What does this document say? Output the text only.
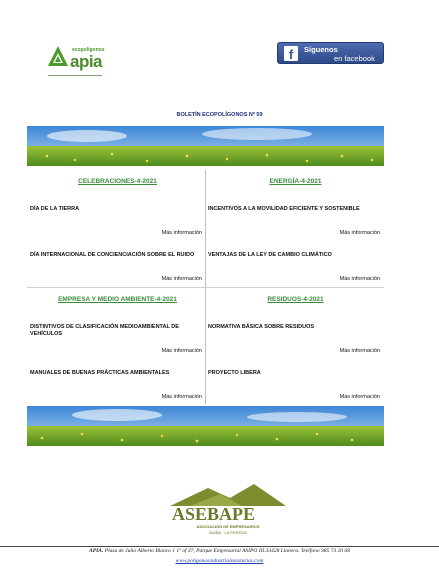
ecopolígonos
apia
▬▬▬▬▬▬▬▬▬▬▬▬▬▬▬▬▬▬
f	Síguenos
en facebook
BOLETÍN ECOPOLÍGONOS Nº 59
CELEBRACIONES-4-2021
DÍA DE LA TIERRA
Más información
DÍA INTERNACIONAL DE CONCIENCIACIÓN SOBRE EL RUIDO
Más información
ENERGÍA-4-2021
INCENTIVOS A LA MOVILIDAD EFICIENTE Y SOSTENIBLE
Más información
VENTAJAS DE LA LEY DE CAMBIO CLIMÁTICO
Más información
EMPRESA Y MEDIO AMBIENTE-4-2021
DISTINTIVOS DE CLASIFICACIÓN MEDIOAMBIENTAL DE VEHÍCULOS
Más información
MANUALES DE BUENAS PRÁCTICAS AMBIENTALES
Más información
RESIDUOS-4-2021
NORMATIVA BÁSICA SOBRE RESIDUOS
Más información
PROYECTO LIBERA
Más información
ASEBAPE
ASOCIACIÓN DE EMPRESARIOS
BAIÑA · LA PEREDA
APIA. Plaza de Julio Alberto Blanco 1 1º of 37, Parque Empresarial ASIPO III.33428 Llanera. Teléfono 985 73 20 68
www.poligonosindustrialesasturias.com
